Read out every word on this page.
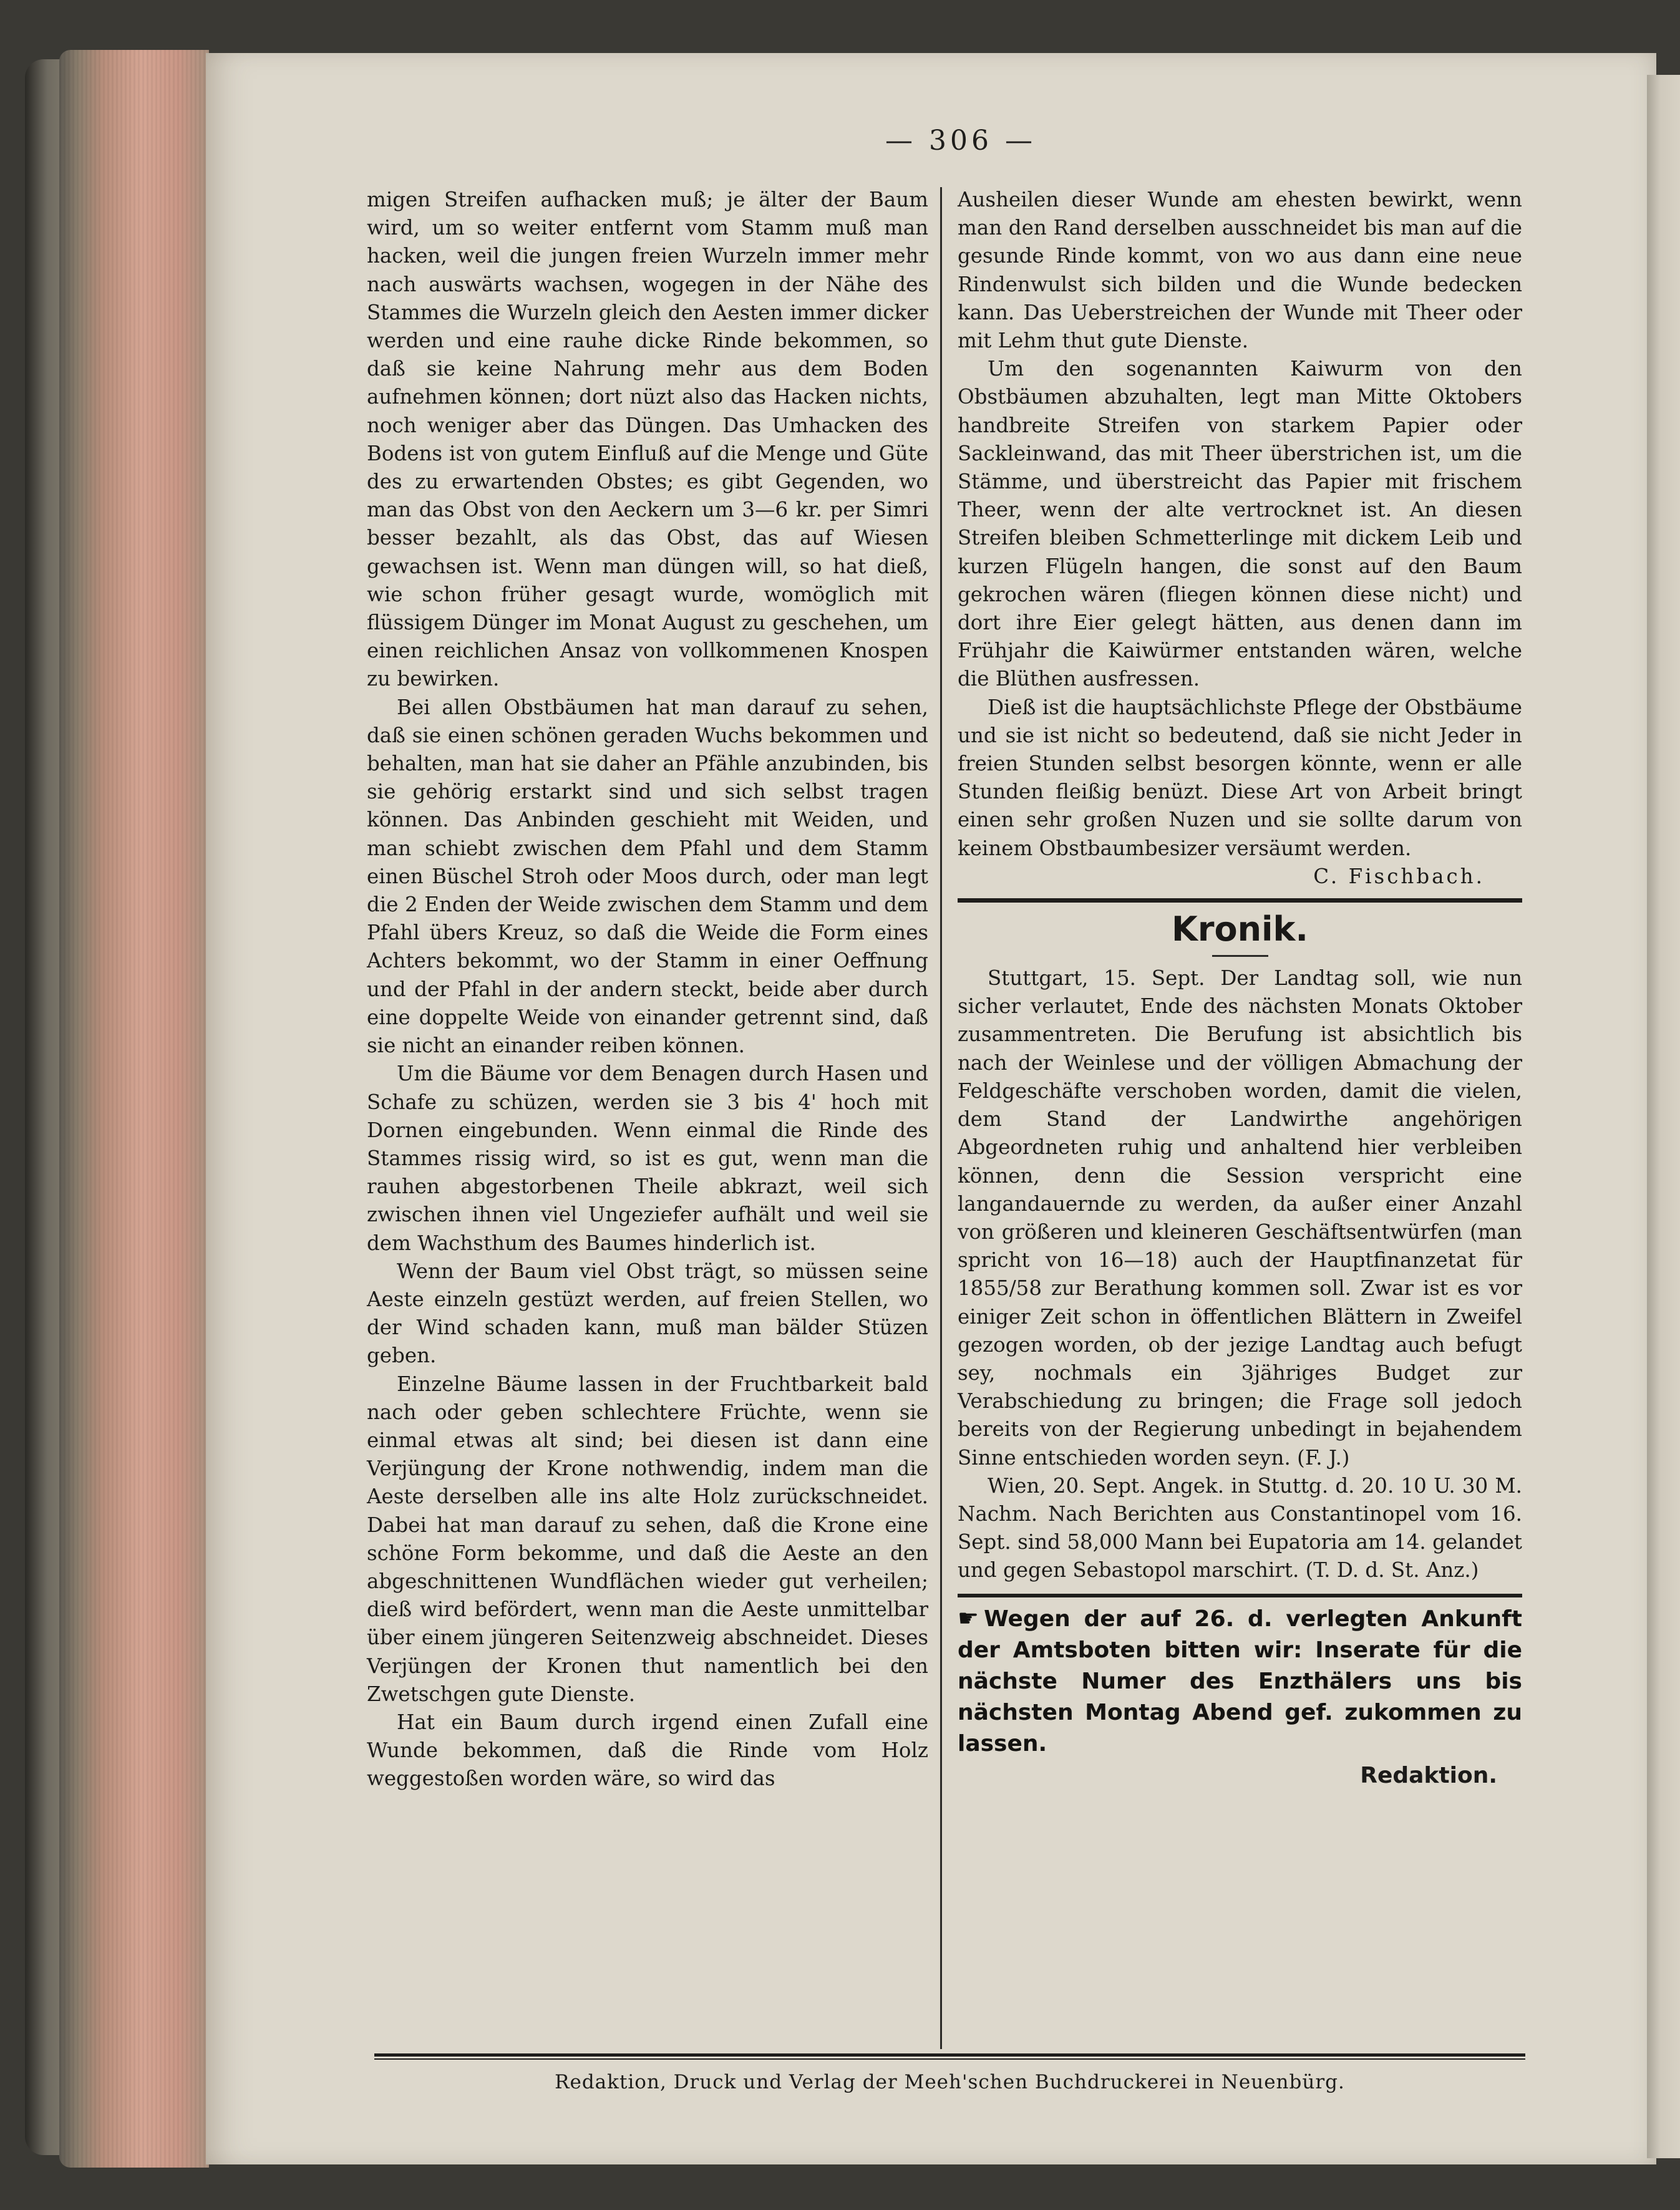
— 306 —

migen Streifen aufhacken muß; je älter der Baum wird, um so weiter entfernt vom Stamm muß man hacken, weil die jungen freien Wurzeln immer mehr nach auswärts wachsen, wogegen in der Nähe des Stammes die Wurzeln gleich den Aesten immer dicker werden und eine rauhe dicke Rinde bekommen, so daß sie keine Nahrung mehr aus dem Boden aufnehmen können; dort nüzt also das Hacken nichts, noch weniger aber das Düngen. Das Umhacken des Bodens ist von gutem Einfluß auf die Menge und Güte des zu erwartenden Obstes; es gibt Gegenden, wo man das Obst von den Aeckern um 3—6 kr. per Simri besser bezahlt, als das Obst, das auf Wiesen gewachsen ist. Wenn man düngen will, so hat dieß, wie schon früher gesagt wurde, womöglich mit flüssigem Dünger im Monat August zu geschehen, um einen reichlichen Ansaz von vollkommenen Knospen zu bewirken.

Bei allen Obstbäumen hat man darauf zu sehen, daß sie einen schönen geraden Wuchs bekommen und behalten, man hat sie daher an Pfähle anzubinden, bis sie gehörig erstarkt sind und sich selbst tragen können. Das Anbinden geschieht mit Weiden, und man schiebt zwischen dem Pfahl und dem Stamm einen Büschel Stroh oder Moos durch, oder man legt die 2 Enden der Weide zwischen dem Stamm und dem Pfahl übers Kreuz, so daß die Weide die Form eines Achters bekommt, wo der Stamm in einer Oeffnung und der Pfahl in der andern steckt, beide aber durch eine doppelte Weide von einander getrennt sind, daß sie nicht an einander reiben können.

Um die Bäume vor dem Benagen durch Hasen und Schafe zu schüzen, werden sie 3 bis 4' hoch mit Dornen eingebunden. Wenn einmal die Rinde des Stammes rissig wird, so ist es gut, wenn man die rauhen abgestorbenen Theile abkrazt, weil sich zwischen ihnen viel Ungeziefer aufhält und weil sie dem Wachsthum des Baumes hinderlich ist.

Wenn der Baum viel Obst trägt, so müssen seine Aeste einzeln gestüzt werden, auf freien Stellen, wo der Wind schaden kann, muß man bälder Stüzen geben.

Einzelne Bäume lassen in der Fruchtbarkeit bald nach oder geben schlechtere Früchte, wenn sie einmal etwas alt sind; bei diesen ist dann eine Verjüngung der Krone nothwendig, indem man die Aeste derselben alle ins alte Holz zurückschneidet. Dabei hat man darauf zu sehen, daß die Krone eine schöne Form bekomme, und daß die Aeste an den abgeschnittenen Wundflächen wieder gut verheilen; dieß wird befördert, wenn man die Aeste unmittelbar über einem jüngeren Seitenzweig abschneidet. Dieses Verjüngen der Kronen thut namentlich bei den Zwetschgen gute Dienste.

Hat ein Baum durch irgend einen Zufall eine Wunde bekommen, daß die Rinde vom Holz weggestoßen worden wäre, so wird das

Ausheilen dieser Wunde am ehesten bewirkt, wenn man den Rand derselben ausschneidet bis man auf die gesunde Rinde kommt, von wo aus dann eine neue Rindenwulst sich bilden und die Wunde bedecken kann. Das Ueberstreichen der Wunde mit Theer oder mit Lehm thut gute Dienste.

Um den sogenannten Kaiwurm von den Obstbäumen abzuhalten, legt man Mitte Oktobers handbreite Streifen von starkem Papier oder Sackleinwand, das mit Theer überstrichen ist, um die Stämme, und überstreicht das Papier mit frischem Theer, wenn der alte vertrocknet ist. An diesen Streifen bleiben Schmetterlinge mit dickem Leib und kurzen Flügeln hangen, die sonst auf den Baum gekrochen wären (fliegen können diese nicht) und dort ihre Eier gelegt hätten, aus denen dann im Frühjahr die Kaiwürmer entstanden wären, welche die Blüthen ausfressen.

Dieß ist die hauptsächlichste Pflege der Obstbäume und sie ist nicht so bedeutend, daß sie nicht Jeder in freien Stunden selbst besorgen könnte, wenn er alle Stunden fleißig benüzt. Diese Art von Arbeit bringt einen sehr großen Nuzen und sie sollte darum von keinem Obstbaumbesizer versäumt werden.

C. Fischbach.

Kronik.

Stuttgart, 15. Sept. Der Landtag soll, wie nun sicher verlautet, Ende des nächsten Monats Oktober zusammentreten. Die Berufung ist absichtlich bis nach der Weinlese und der völligen Abmachung der Feldgeschäfte verschoben worden, damit die vielen, dem Stand der Landwirthe angehörigen Abgeordneten ruhig und anhaltend hier verbleiben können, denn die Session verspricht eine langandauernde zu werden, da außer einer Anzahl von größeren und kleineren Geschäftsentwürfen (man spricht von 16—18) auch der Hauptfinanzetat für 1855/58 zur Berathung kommen soll. Zwar ist es vor einiger Zeit schon in öffentlichen Blättern in Zweifel gezogen worden, ob der jezige Landtag auch befugt sey, nochmals ein 3jähriges Budget zur Verabschiedung zu bringen; die Frage soll jedoch bereits von der Regierung unbedingt in bejahendem Sinne entschieden worden seyn. (F. J.)

Wien, 20. Sept. Angek. in Stuttg. d. 20. 10 U. 30 M. Nachm. Nach Berichten aus Constantinopel vom 16. Sept. sind 58,000 Mann bei Eupatoria am 14. gelandet und gegen Sebastopol marschirt. (T. D. d. St. Anz.)

☛ Wegen der auf 26. d. verlegten Ankunft der Amtsboten bitten wir: Inserate für die nächste Numer des Enzthälers uns bis nächsten Montag Abend gef. zukommen zu lassen.

Redaktion.

Redaktion, Druck und Verlag der Meeh'schen Buchdruckerei in Neuenbürg.
